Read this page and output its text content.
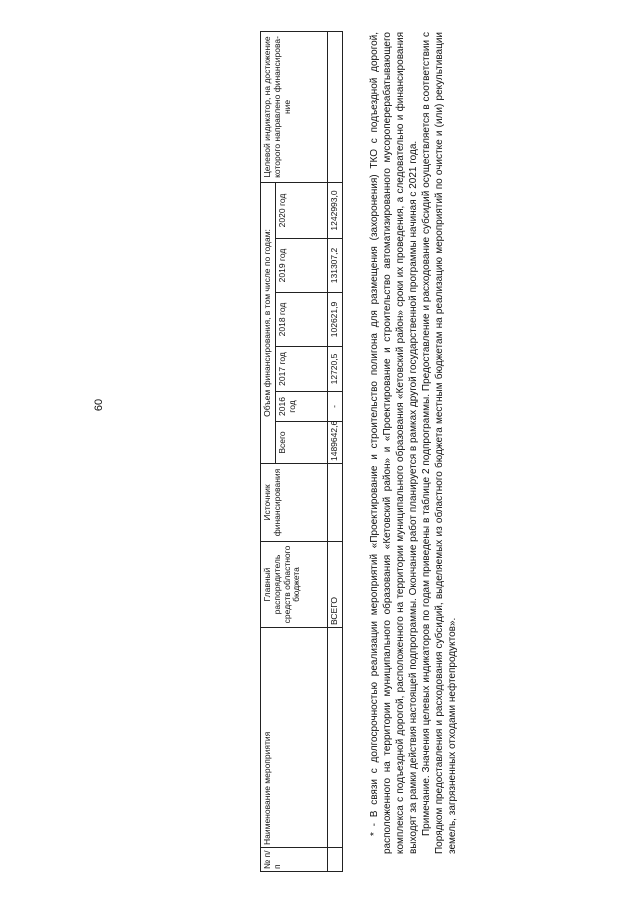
60
№ п/п	Наименование мероприятия	Главный распорядитель средств областного бюджета	Источник финансирования	Объем финансирования, в том числе по годам:						Целевой индикатор, на достижение которого направлено финансирова- ние
				Всего	2016 год	2017 год	2018 год	2019 год	2020 год	
		ВСЕГО		1489642,6	-	12720,5	102621,9	131307,2	1242993,0		* - В связи с долгосрочностью реализации мероприятий «Проектирование и строительство полигона для размещения (захоронения) ТКО с подъездной дорогой, расположенного на территории муниципального образования «Кетовский район» и «Проектирование и строительство автоматизированного мусороперерабатывающего комплекса с подъездной дорогой, расположенного на территории муниципального образования «Кетовский район» сроки их проведения, а следовательно и финансирования выходят за рамки действия настоящей подпрограммы. Окончание работ планируется в рамках другой государственной программы начиная с 2021 года. Примечание. Значения целевых индикаторов по годам приведены в таблице 2 подпрограммы. Предоставление и расходование субсидий осуществляется в соответствии с Порядком предоставления и расходования субсидий, выделяемых из областного бюджета местным бюджетам на реализацию мероприятий по очистке и (или) рекультивации земель, загрязненных отходами нефтепродуктов».
